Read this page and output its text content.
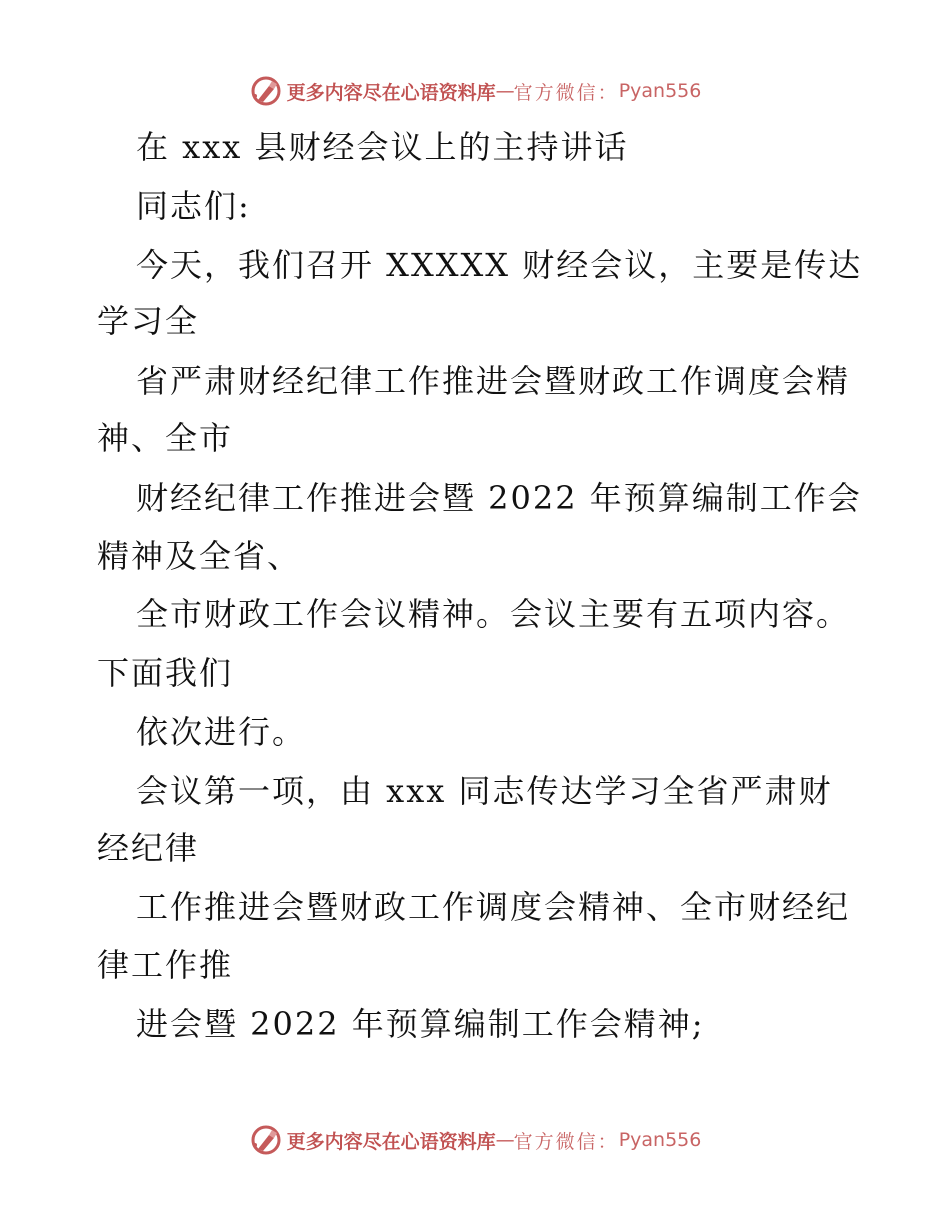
更多内容尽在心语资料库 — 官方微信： Pyan556
在 xxx 县财经会议上的主持讲话
同志们:
今天，我们召开 XXXXX 财经会议，主要是传达
学习全
省严肃财经纪律工作推进会暨财政工作调度会精
神、全市
财经纪律工作推进会暨 2022 年预算编制工作会
精神及全省、
全市财政工作会议精神。会议主要有五项内容。
下面我们
依次进行。
会议第一项，由 xxx 同志传达学习全省严肃财
经纪律
工作推进会暨财政工作调度会精神、全市财经纪
律工作推
进会暨 2022 年预算编制工作会精神;
更多内容尽在心语资料库 — 官方微信： Pyan556
